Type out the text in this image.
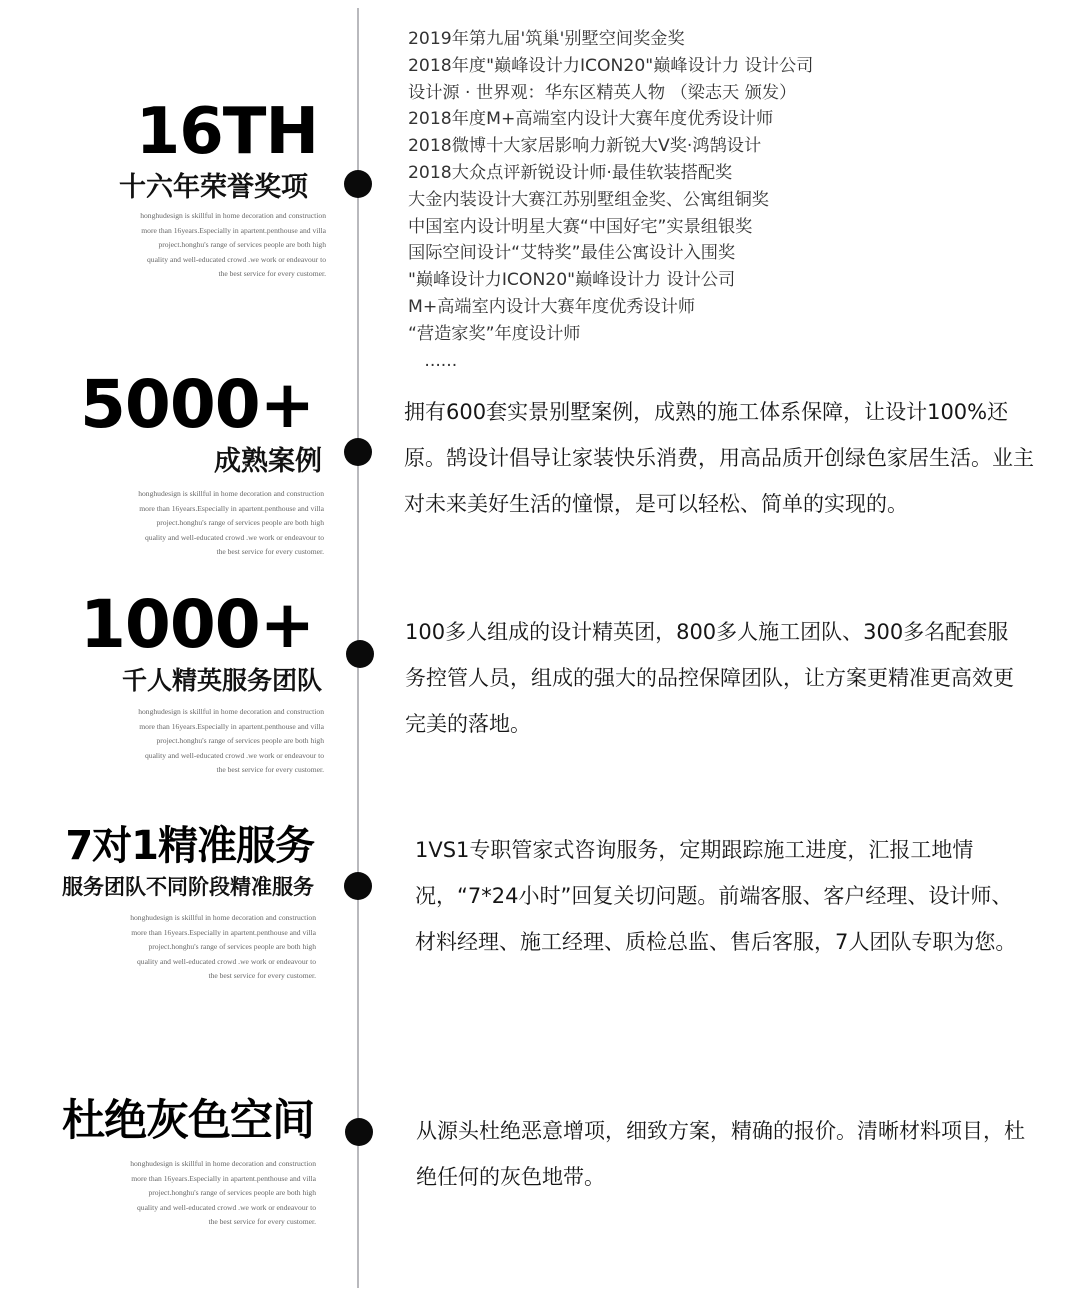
16TH
十六年荣誉奖项
honghudesign is skillful in home decoration and construction more than 16years.Especially in apartent.penthouse and villa project.honghu's range of services people are both high quality and well-educated crowd .we work or endeavour to the best service for every customer.
2019年第九届'筑巢'别墅空间奖金奖
2018年度"巅峰设计力ICON20"巅峰设计力 设计公司
设计源 · 世界观：华东区精英人物 （梁志天 颁发）
2018年度M+高端室内设计大赛年度优秀设计师
2018微博十大家居影响力新锐大V奖·鸿鹄设计
2018大众点评新锐设计师·最佳软装搭配奖
大金内装设计大赛江苏别墅组金奖、公寓组铜奖
中国室内设计明星大赛“中国好宅”实景组银奖
国际空间设计“艾特奖”最佳公寓设计入围奖
"巅峰设计力ICON20"巅峰设计力 设计公司
M+高端室内设计大赛年度优秀设计师
“营造家奖”年度设计师
......
5000+
成熟案例
honghudesign is skillful in home decoration and construction more than 16years.Especially in apartent.penthouse and villa project.honghu's range of services people are both high quality and well-educated crowd .we work or endeavour to the best service for every customer.
拥有600套实景别墅案例，成熟的施工体系保障，让设计100%还原。鹄设计倡导让家装快乐消费，用高品质开创绿色家居生活。业主对未来美好生活的憧憬，是可以轻松、简单的实现的。
1000+
千人精英服务团队
honghudesign is skillful in home decoration and construction more than 16years.Especially in apartent.penthouse and villa project.honghu's range of services people are both high quality and well-educated crowd .we work or endeavour to the best service for every customer.
100多人组成的设计精英团，800多人施工团队、300多名配套服务控管人员，组成的强大的品控保障团队，让方案更精准更高效更完美的落地。
7对1精准服务
服务团队不同阶段精准服务
honghudesign is skillful in home decoration and construction more than 16years.Especially in apartent.penthouse and villa project.honghu's range of services people are both high quality and well-educated crowd .we work or endeavour to the best service for every customer.
1VS1专职管家式咨询服务，定期跟踪施工进度，汇报工地情况，“7*24小时”回复关切问题。前端客服、客户经理、设计师、材料经理、施工经理、质检总监、售后客服，7人团队专职为您。
杜绝灰色空间
honghudesign is skillful in home decoration and construction more than 16years.Especially in apartent.penthouse and villa project.honghu's range of services people are both high quality and well-educated crowd .we work or endeavour to the best service for every customer.
从源头杜绝恶意增项，细致方案，精确的报价。清晰材料项目，杜绝任何的灰色地带。
